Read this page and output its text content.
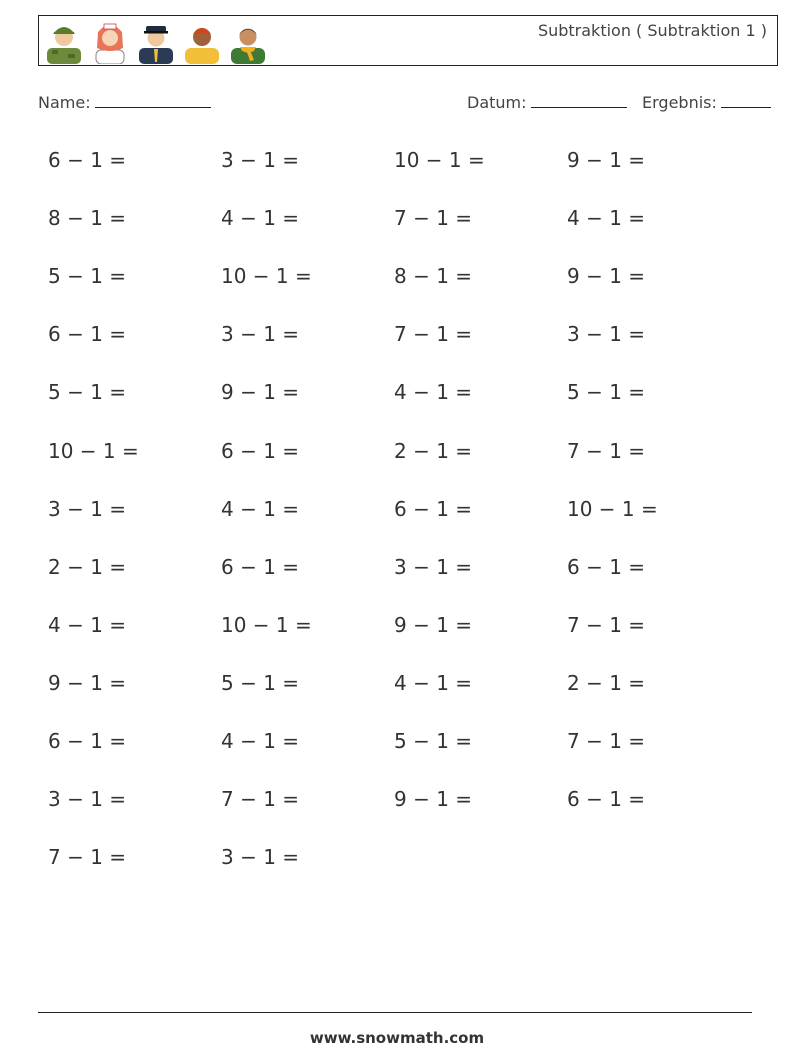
Subtraktion ( Subtraktion 1 )
Name:	Datum:	Ergebnis:
6 − 1 =	3 − 1 =	10 − 1 =	9 − 1 =
8 − 1 =	4 − 1 =	7 − 1 =	4 − 1 =
5 − 1 =	10 − 1 =	8 − 1 =	9 − 1 =
6 − 1 =	3 − 1 =	7 − 1 =	3 − 1 =
5 − 1 =	9 − 1 =	4 − 1 =	5 − 1 =
10 − 1 =	6 − 1 =	2 − 1 =	7 − 1 =
3 − 1 =	4 − 1 =	6 − 1 =	10 − 1 =
2 − 1 =	6 − 1 =	3 − 1 =	6 − 1 =
4 − 1 =	10 − 1 =	9 − 1 =	7 − 1 =
9 − 1 =	5 − 1 =	4 − 1 =	2 − 1 =
6 − 1 =	4 − 1 =	5 − 1 =	7 − 1 =
3 − 1 =	7 − 1 =	9 − 1 =	6 − 1 =
7 − 1 =	3 − 1 =
www.snowmath.com
